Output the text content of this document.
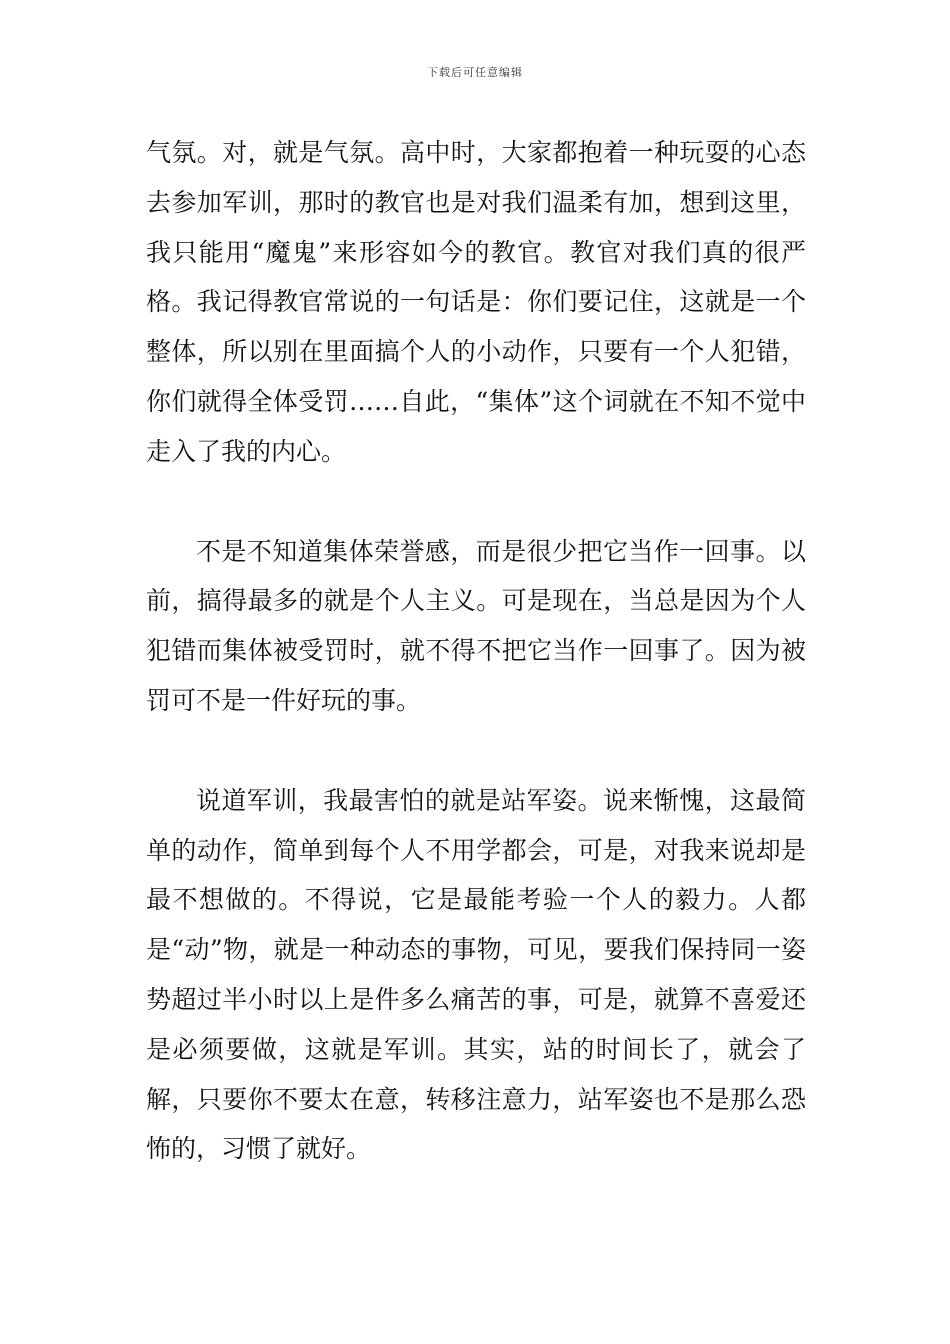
下载后可任意编辑

气氛。对，就是气氛。高中时，大家都抱着一种玩耍的心态去参加军训，那时的教官也是对我们温柔有加，想到这里，我只能用“魔鬼”来形容如今的教官。教官对我们真的很严格。我记得教官常说的一句话是：你们要记住，这就是一个整体，所以别在里面搞个人的小动作，只要有一个人犯错，你们就得全体受罚……自此，“集体”这个词就在不知不觉中走入了我的内心。

不是不知道集体荣誉感，而是很少把它当作一回事。以前，搞得最多的就是个人主义。可是现在，当总是因为个人犯错而集体被受罚时，就不得不把它当作一回事了。因为被罚可不是一件好玩的事。

说道军训，我最害怕的就是站军姿。说来惭愧，这最简单的动作，简单到每个人不用学都会，可是，对我来说却是最不想做的。不得说，它是最能考验一个人的毅力。人都是“动”物，就是一种动态的事物，可见，要我们保持同一姿势超过半小时以上是件多么痛苦的事，可是，就算不喜爱还是必须要做，这就是军训。其实，站的时间长了，就会了解，只要你不要太在意，转移注意力，站军姿也不是那么恐怖的，习惯了就好。
